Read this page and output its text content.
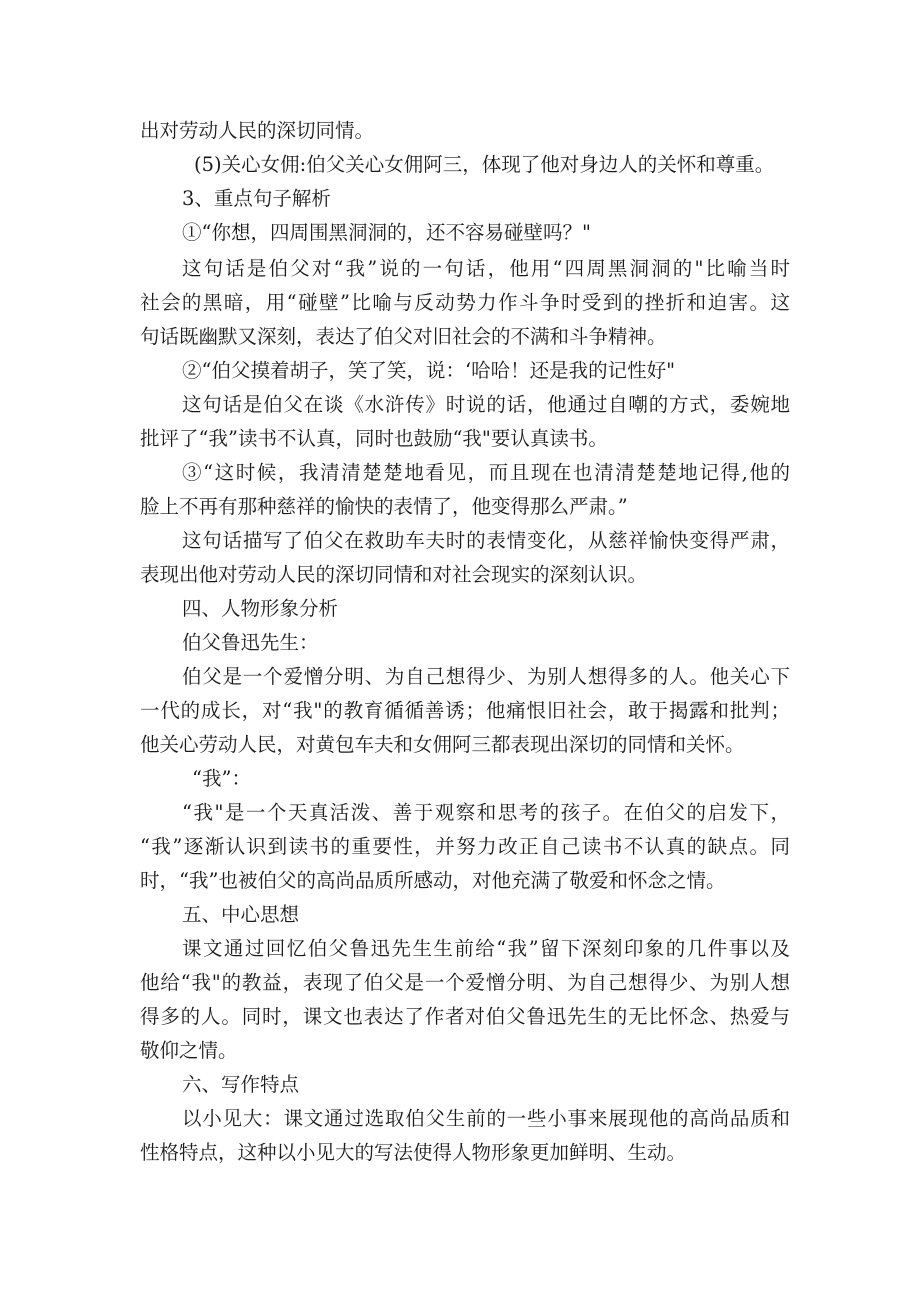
出对劳动人民的深切同情。
(5)关心女佣:伯父关心女佣阿三，体现了他对身边人的关怀和尊重。
3、重点句子解析
①“你想，四周围黑洞洞的，还不容易碰壁吗？"
这句话是伯父对“我”说的一句话，他用“四周黑洞洞的"比喻当时
社会的黑暗，用“碰壁”比喻与反动势力作斗争时受到的挫折和迫害。这
句话既幽默又深刻，表达了伯父对旧社会的不满和斗争精神。
②“伯父摸着胡子，笑了笑，说：‘哈哈！还是我的记性好"
这句话是伯父在谈《水浒传》时说的话，他通过自嘲的方式，委婉地
批评了“我”读书不认真，同时也鼓励“我"要认真读书。
③“这时候，我清清楚楚地看见，而且现在也清清楚楚地记得,他的
脸上不再有那种慈祥的愉快的表情了，他变得那么严肃。”
这句话描写了伯父在救助车夫时的表情变化，从慈祥愉快变得严肃，
表现出他对劳动人民的深切同情和对社会现实的深刻认识。
四、人物形象分析
伯父鲁迅先生：
伯父是一个爱憎分明、为自己想得少、为别人想得多的人。他关心下
一代的成长，对“我"的教育循循善诱；他痛恨旧社会，敢于揭露和批判；
他关心劳动人民，对黄包车夫和女佣阿三都表现出深切的同情和关怀。
“我”：
“我"是一个天真活泼、善于观察和思考的孩子。在伯父的启发下，
“我”逐渐认识到读书的重要性，并努力改正自己读书不认真的缺点。同
时，“我”也被伯父的高尚品质所感动，对他充满了敬爱和怀念之情。
五、中心思想
课文通过回忆伯父鲁迅先生生前给“我”留下深刻印象的几件事以及
他给“我"的教益，表现了伯父是一个爱憎分明、为自己想得少、为别人想
得多的人。同时，课文也表达了作者对伯父鲁迅先生的无比怀念、热爱与
敬仰之情。
六、写作特点
以小见大：课文通过选取伯父生前的一些小事来展现他的高尚品质和
性格特点，这种以小见大的写法使得人物形象更加鲜明、生动。
